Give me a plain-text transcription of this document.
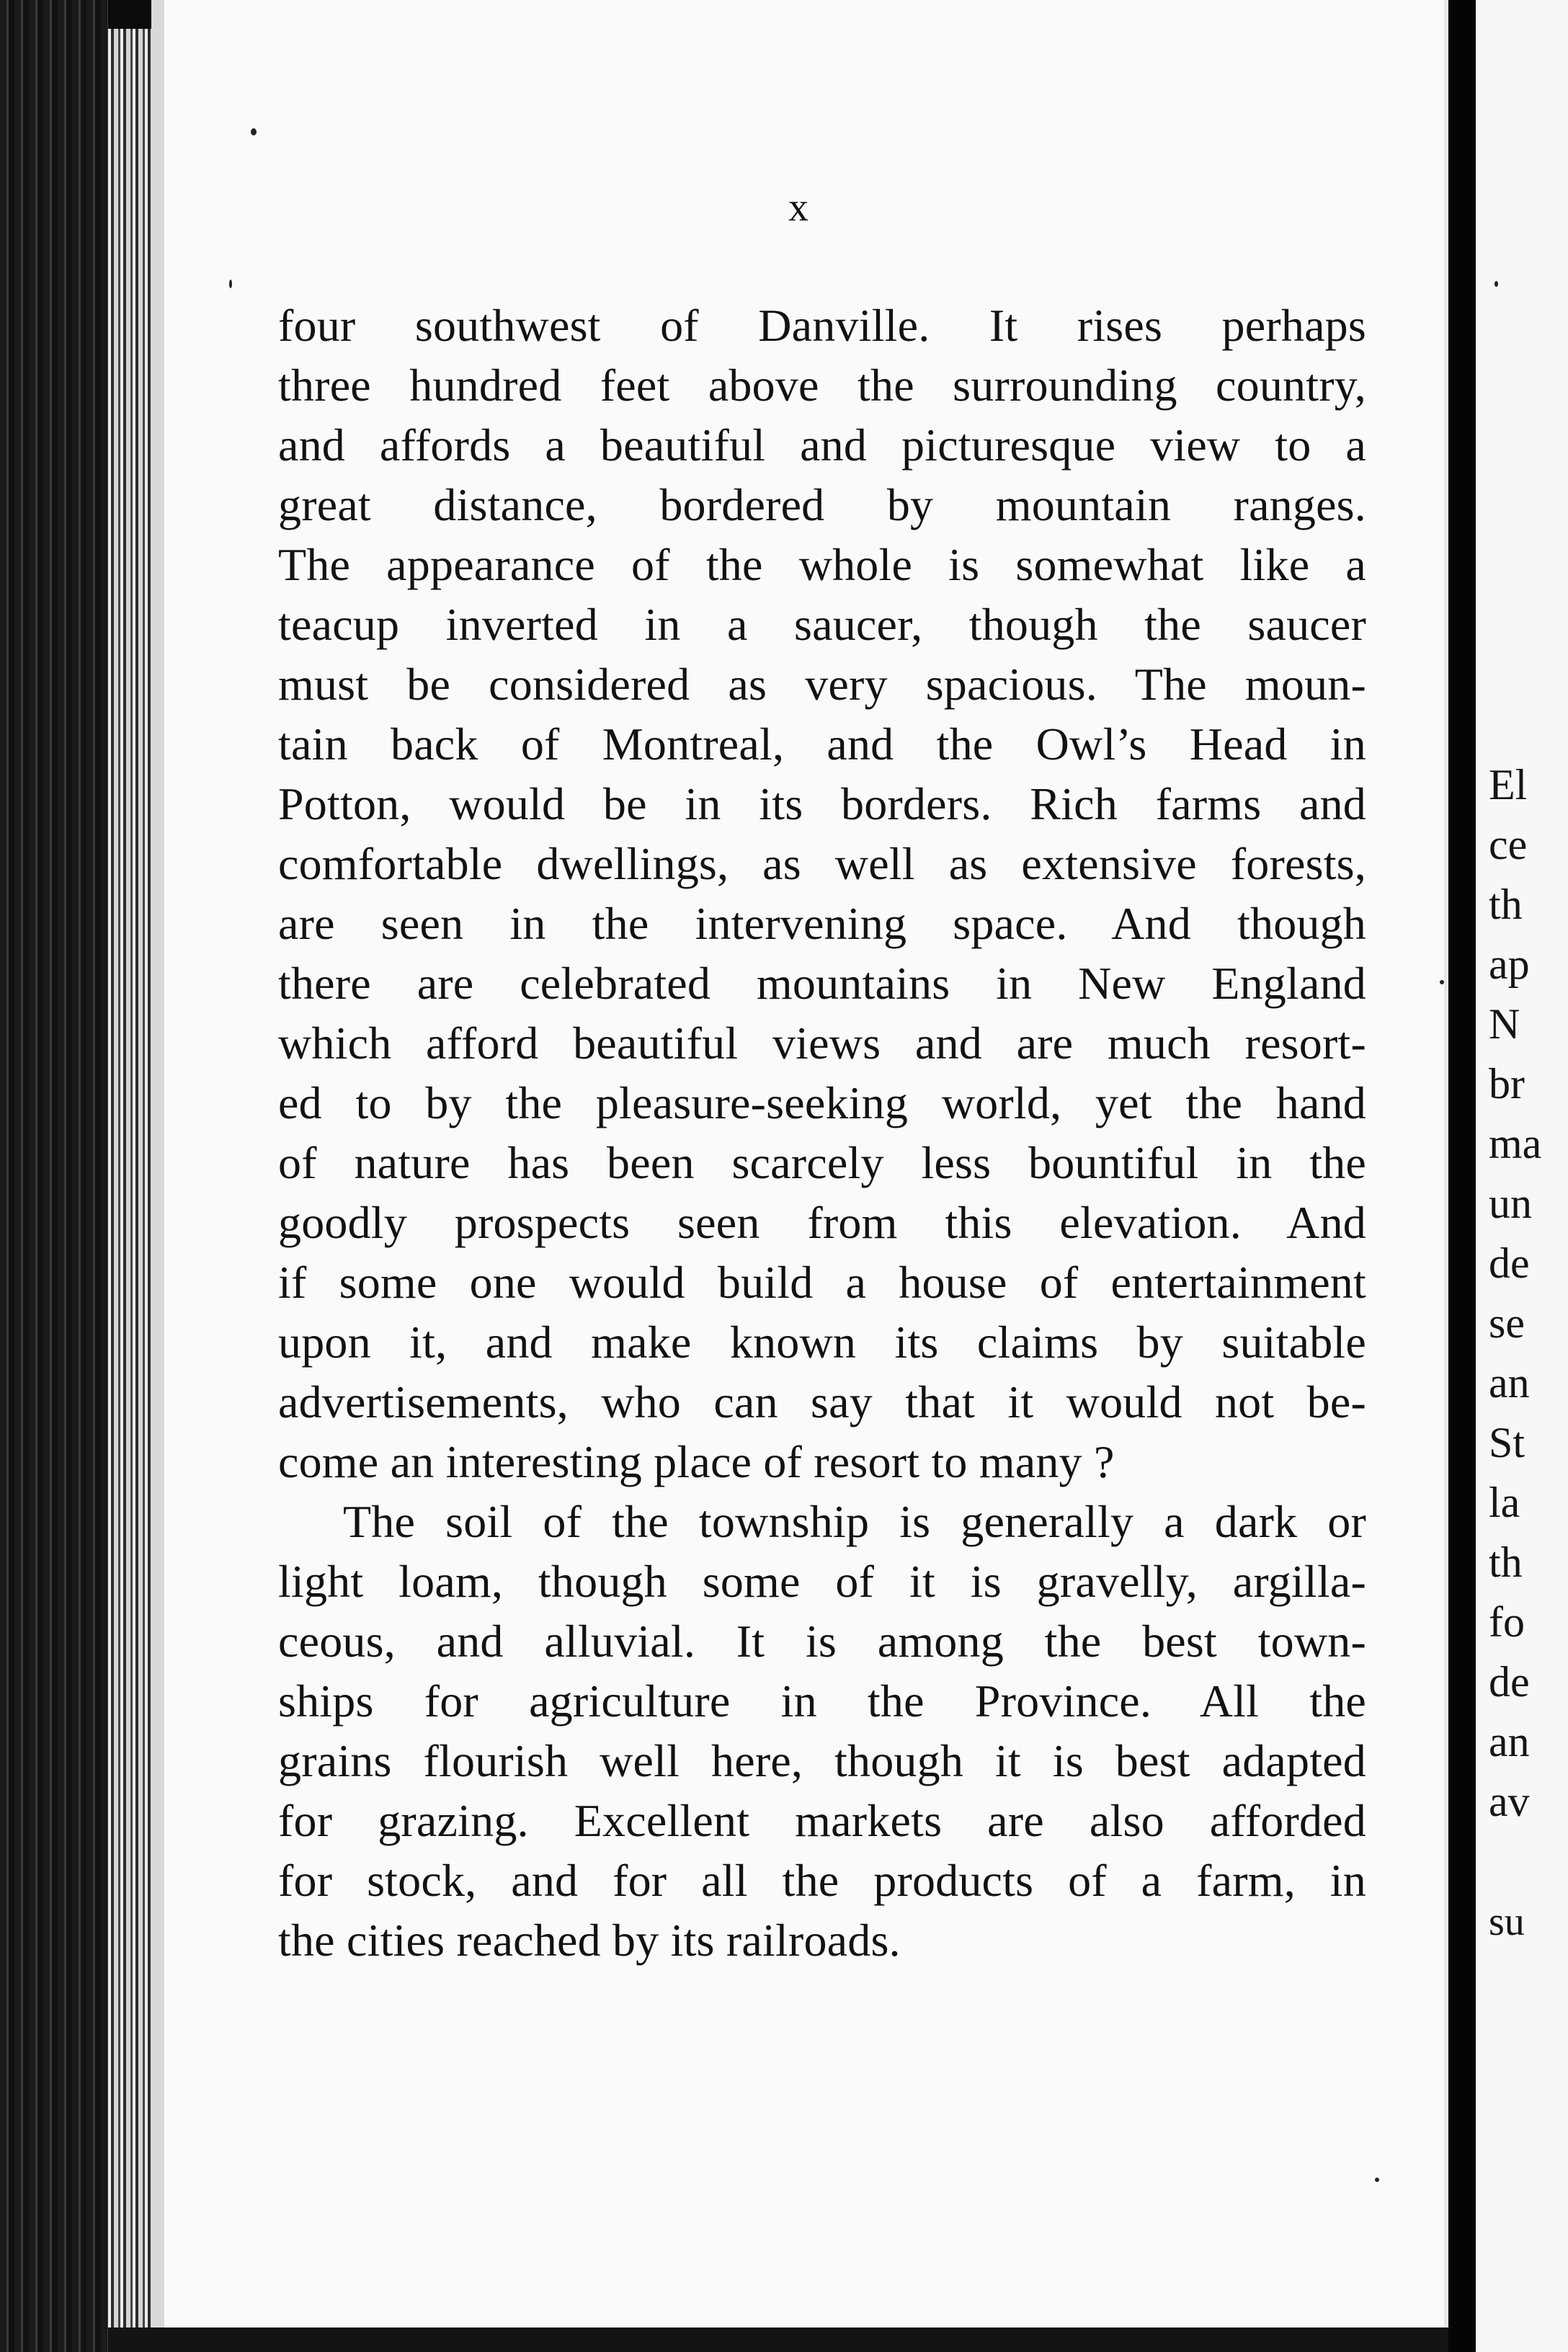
x
four southwest of Danville. It rises perhaps
three hundred feet above the surrounding country,
and affords a beautiful and picturesque view to a
great distance, bordered by mountain ranges.
The appearance of the whole is somewhat like a
teacup inverted in a saucer, though the saucer
must be considered as very spacious. The moun-
tain back of Montreal, and the Owl’s Head in
Potton, would be in its borders. Rich farms and
comfortable dwellings, as well as extensive forests,
are seen in the intervening space. And though
there are celebrated mountains in New England
which afford beautiful views and are much resort-
ed to by the pleasure-seeking world, yet the hand
of nature has been scarcely less bountiful in the
goodly prospects seen from this elevation. And
if some one would build a house of entertainment
upon it, and make known its claims by suitable
advertisements, who can say that it would not be-
come an interesting place of resort to many ?
The soil of the township is generally a dark or
light loam, though some of it is gravelly, argilla-
ceous, and alluvial. It is among the best town-
ships for agriculture in the Province. All the
grains flourish well here, though it is best adapted
for grazing. Excellent markets are also afforded
for stock, and for all the products of a farm, in
the cities reached by its railroads.
El
ce
th
ap
N
br
ma
un
de
se
an
St
la
th
fo
de
an
av
su
